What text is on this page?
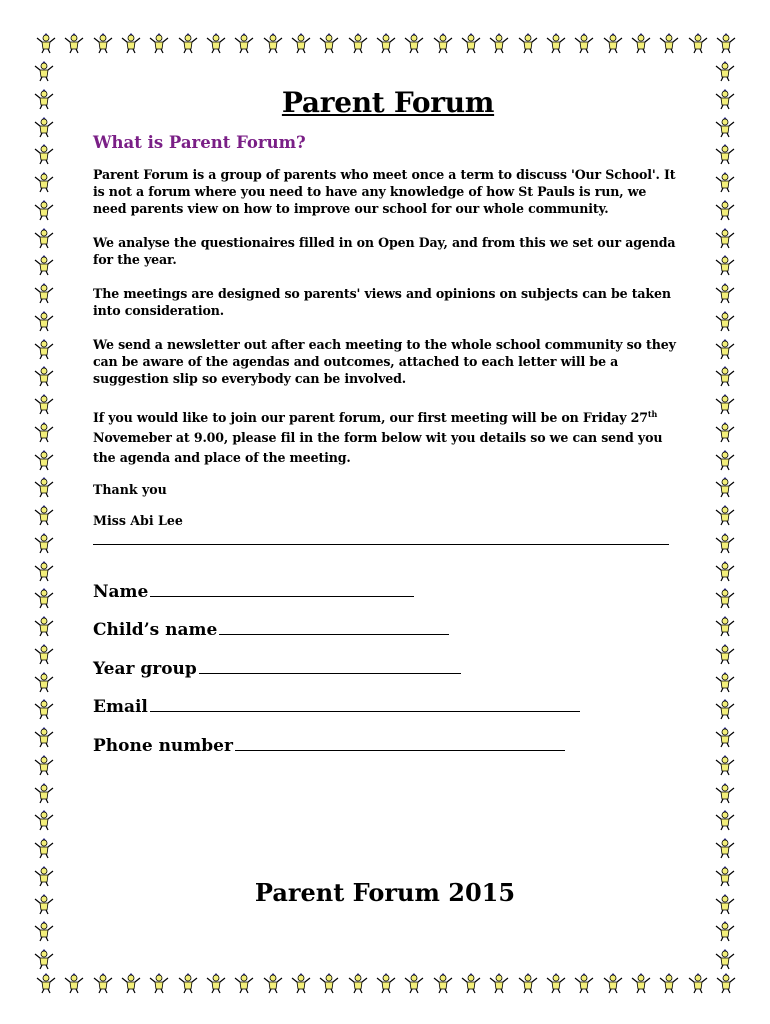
Parent Forum
What is Parent Forum?

Parent Forum is a group of parents who meet once a term to discuss 'Our School'. It is not a forum where you need to have any knowledge of how St Pauls is run, we need parents view on how to improve our school for our whole community.

We analyse the questionaires filled in on Open Day, and from this we set our agenda for the year.

The meetings are designed so parents' views and opinions on subjects can be taken into consideration.

We send a newsletter out after each meeting to the whole school community so they can be aware of the agendas and outcomes, attached to each letter will be a suggestion slip so everybody can be involved.

If you would like to join our parent forum, our first meeting will be on Friday 27th Novemeber at 9.00, please fil in the form below wit you details so we can send you the agenda and place of the meeting.

Thank you

Miss Abi Lee

Name
Child’s name
Year group
Email
Phone number
Parent Forum 2015
